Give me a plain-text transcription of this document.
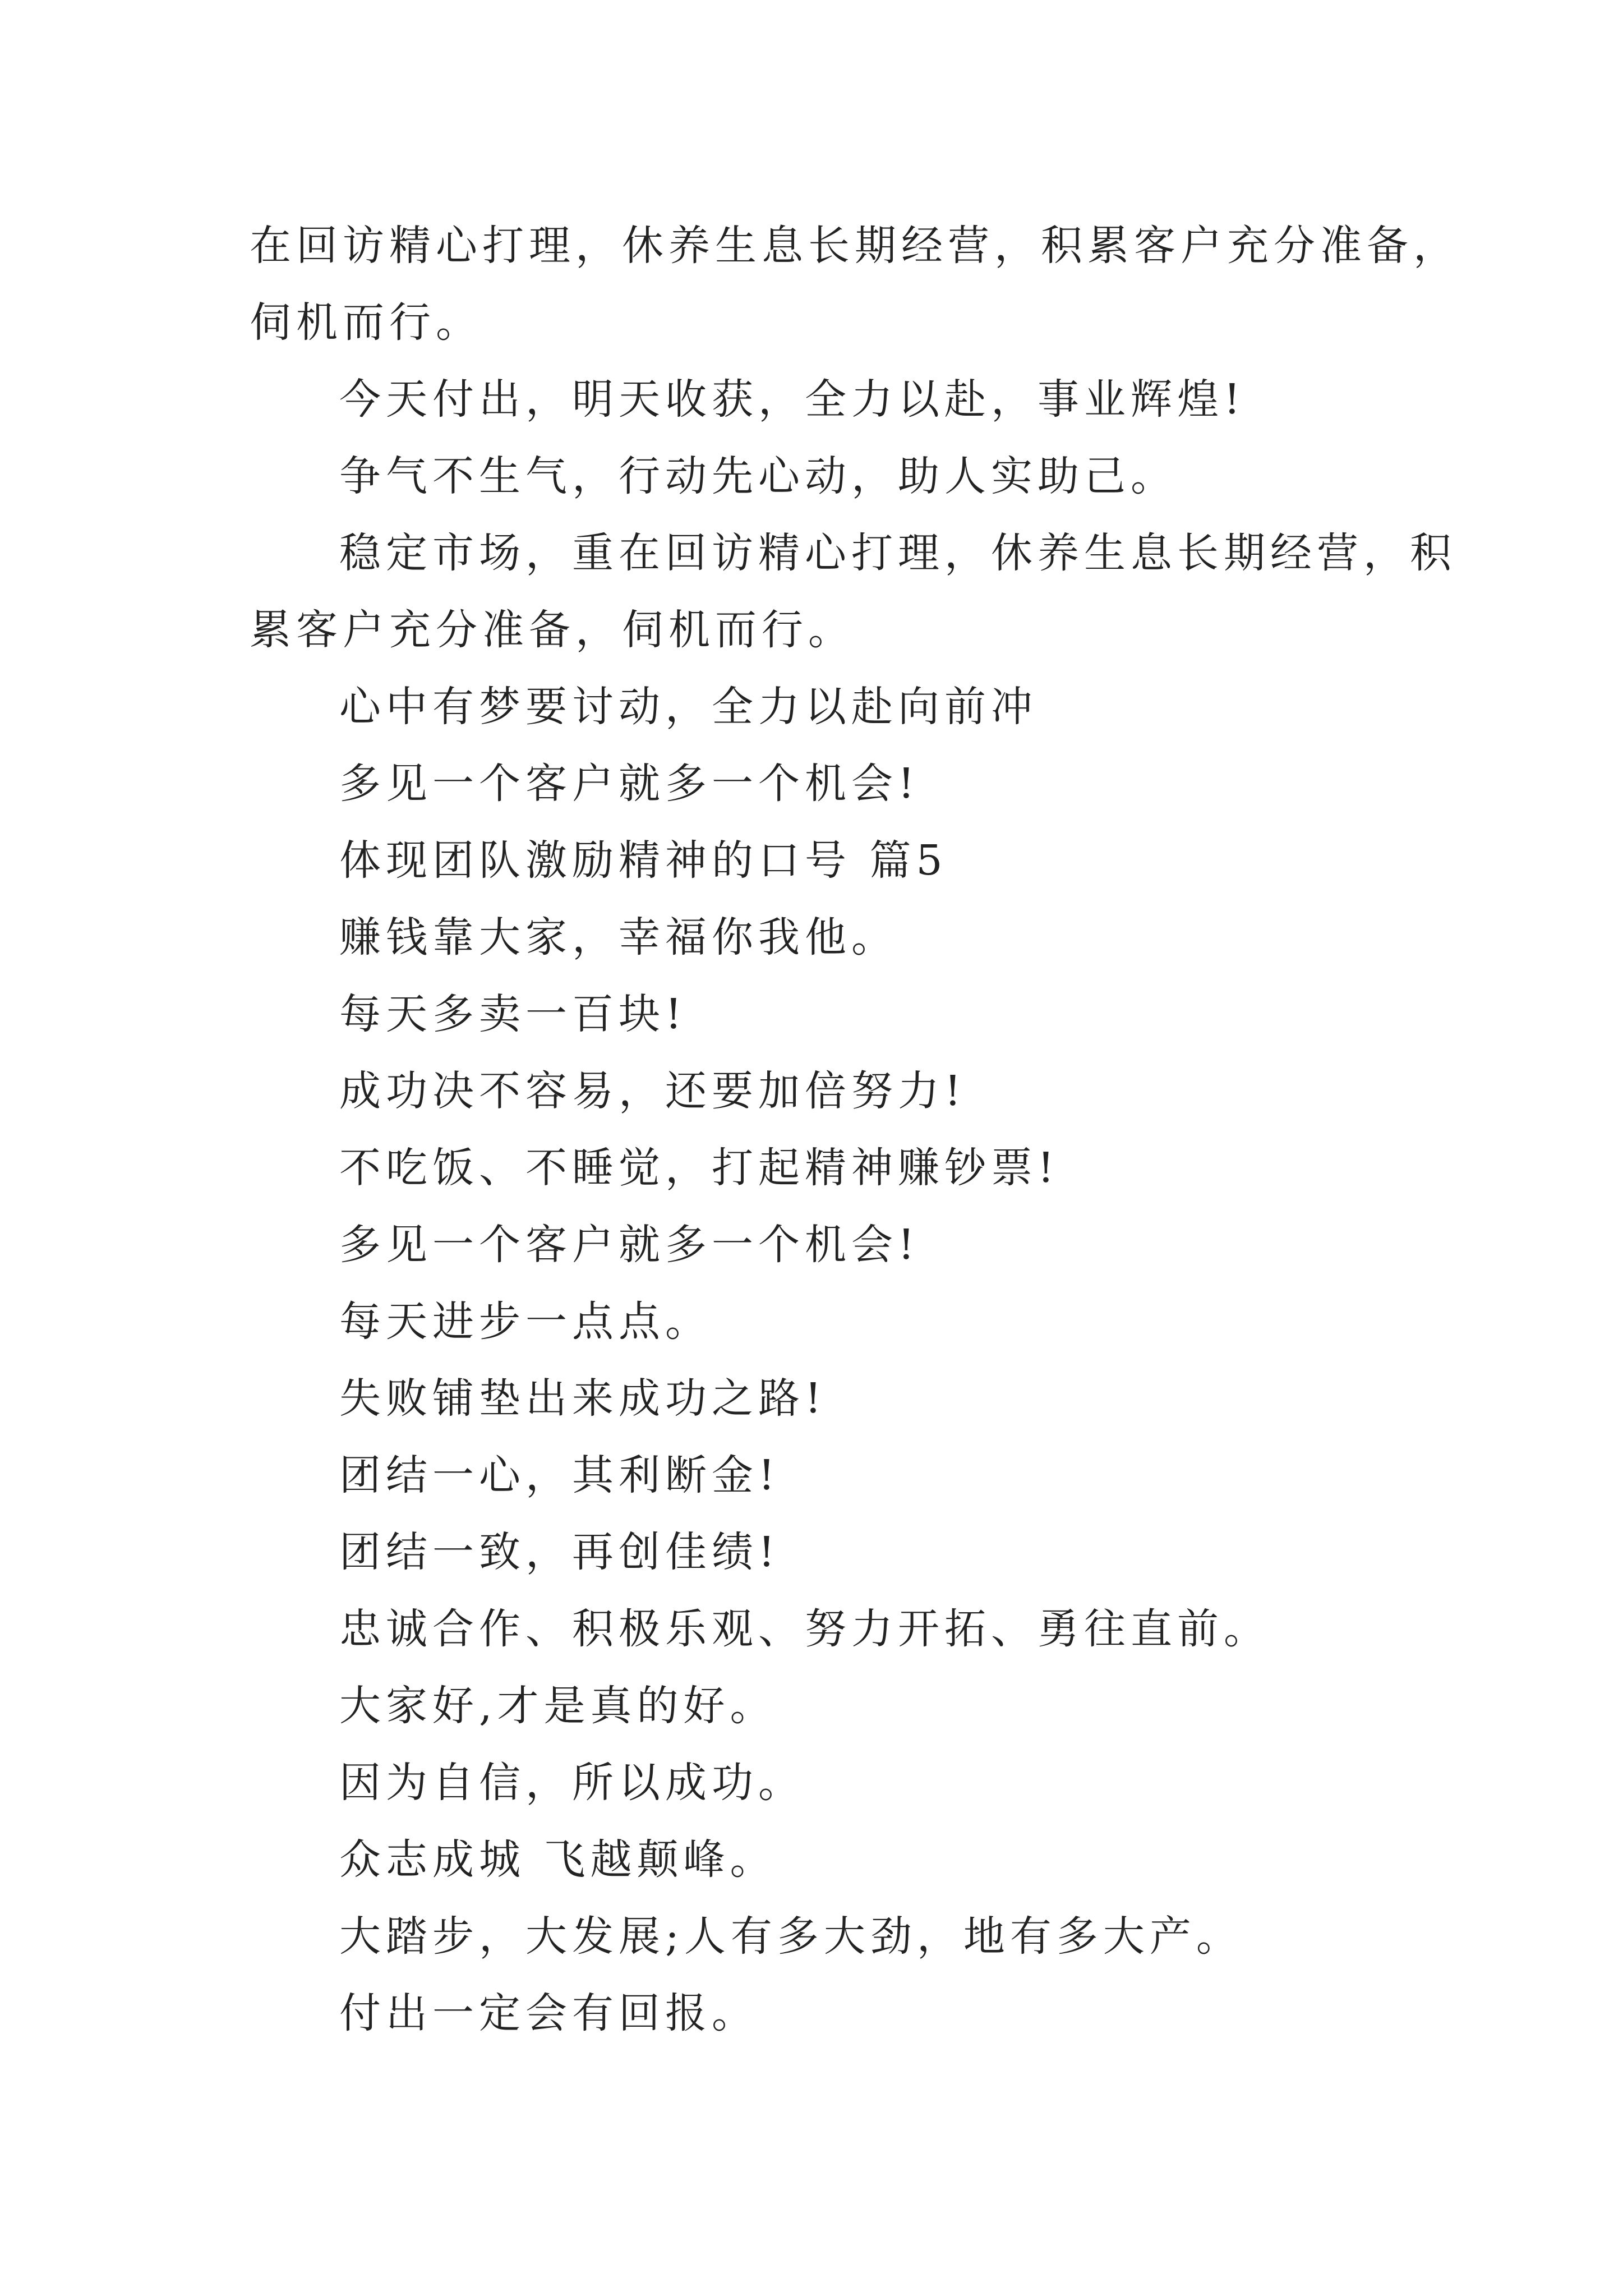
在回访精心打理，休养生息长期经营，积累客户充分准备，
伺机而行。
今天付出，明天收获，全力以赴，事业辉煌!
争气不生气，行动先心动，助人实助己。
稳定市场，重在回访精心打理，休养生息长期经营，积
累客户充分准备，伺机而行。
心中有梦要讨动，全力以赴向前冲
多见一个客户就多一个机会!
体现团队激励精神的口号 篇5
赚钱靠大家，幸福你我他。
每天多卖一百块!
成功决不容易，还要加倍努力!
不吃饭、不睡觉，打起精神赚钞票!
多见一个客户就多一个机会!
每天进步一点点。
失败铺垫出来成功之路!
团结一心，其利断金!
团结一致，再创佳绩!
忠诚合作、积极乐观、努力开拓、勇往直前。
大家好,才是真的好。
因为自信，所以成功。
众志成城 飞越颠峰。
大踏步，大发展;人有多大劲，地有多大产。
付出一定会有回报。
